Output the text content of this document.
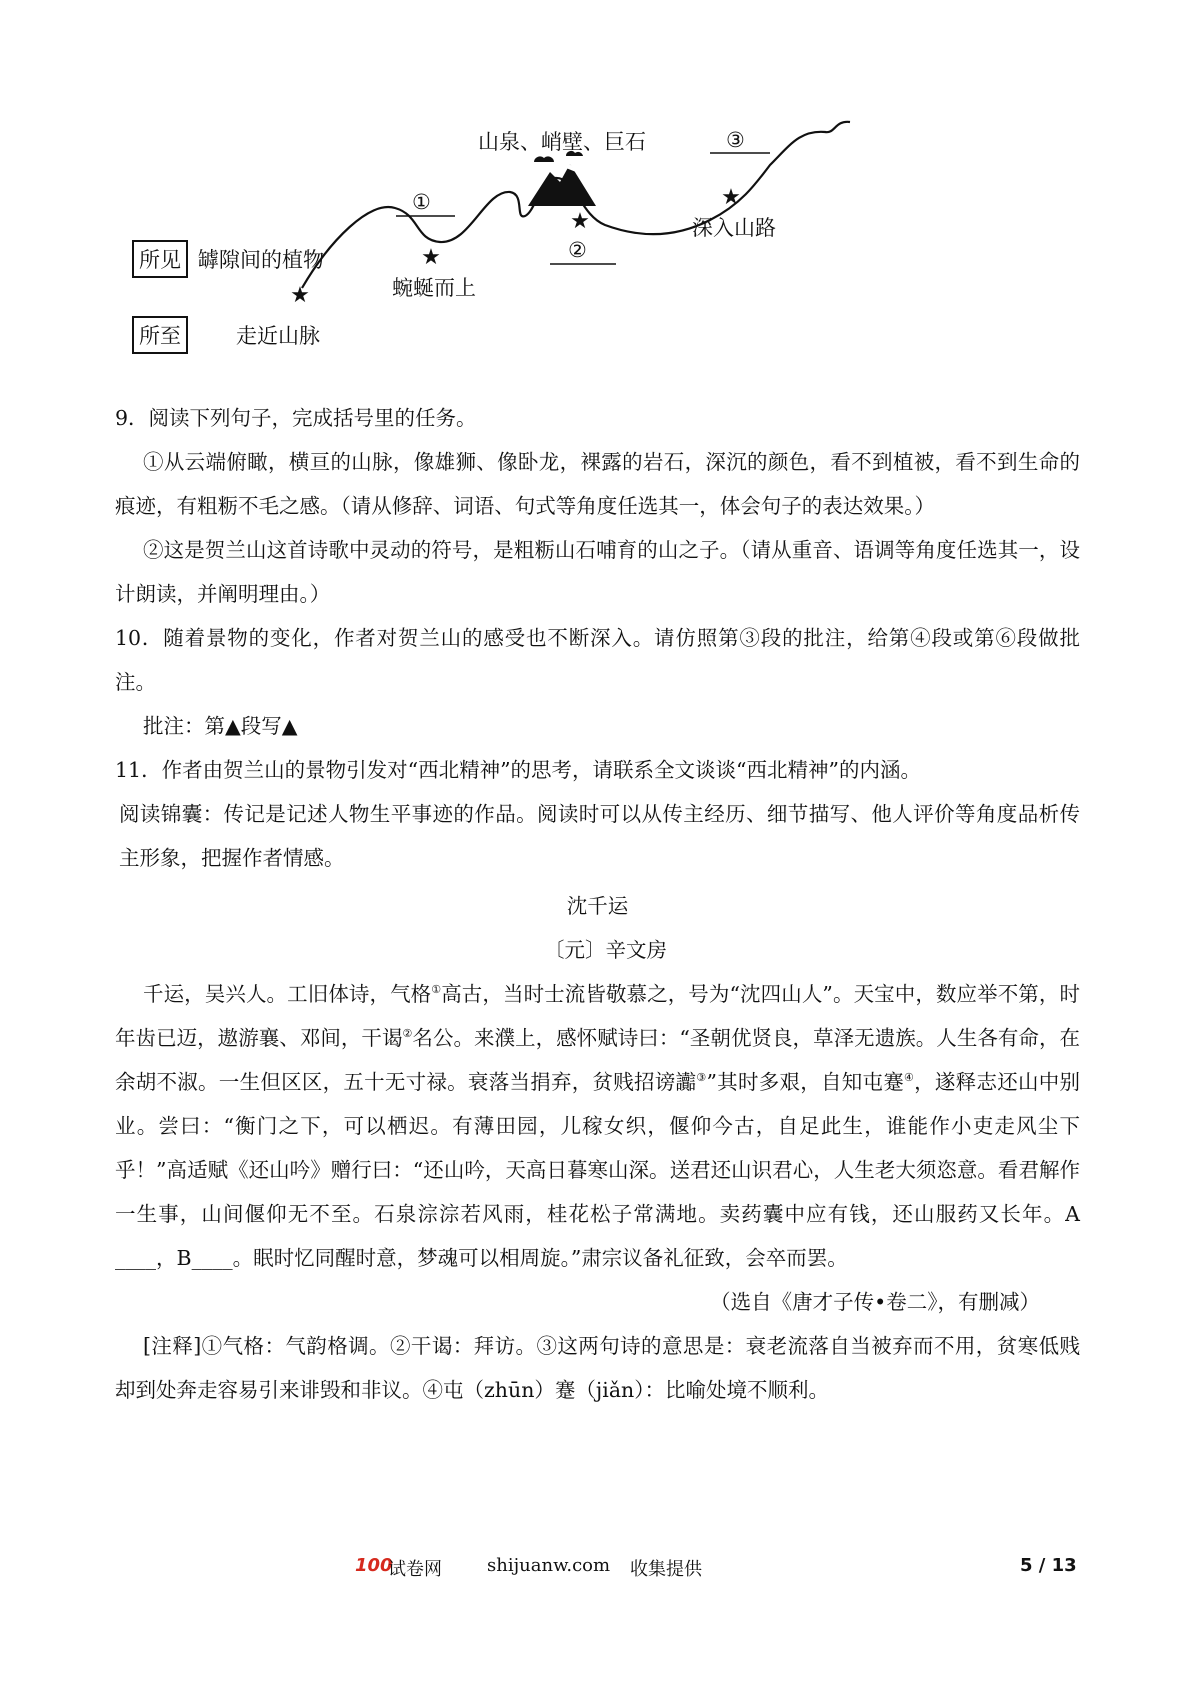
★
★
★
★
所见
所至
罅隙间的植物
走近山脉
①
蜿蜒而上
山泉、峭壁、巨石
②
③
深入山路

9．阅读下列句子，完成括号里的任务。

①从云端俯瞰，横亘的山脉，像雄狮、像卧龙，裸露的岩石，深沉的颜色，看不到植被，看不到生命的痕迹，有粗粝不毛之感。（请从修辞、词语、句式等角度任选其一，体会句子的表达效果。）

②这是贺兰山这首诗歌中灵动的符号，是粗粝山石哺育的山之子。（请从重音、语调等角度任选其一，设计朗读，并阐明理由。）

10．随着景物的变化，作者对贺兰山的感受也不断深入。请仿照第③段的批注，给第④段或第⑥段做批注。

批注：第▲段写▲

11．作者由贺兰山的景物引发对“西北精神”的思考，请联系全文谈谈“西北精神”的内涵。

阅读锦囊：传记是记述人物生平事迹的作品。阅读时可以从传主经历、细节描写、他人评价等角度品析传主形象，把握作者情感。

沈千运

〔元〕辛文房

千运，吴兴人。工旧体诗，气格①高古，当时士流皆敬慕之，号为“沈四山人”。天宝中，数应举不第，时年齿已迈，遨游襄、邓间，干谒②名公。来濮上，感怀赋诗曰：“圣朝优贤良，草泽无遗族。人生各有命，在余胡不淑。一生但区区，五十无寸禄。衰落当捐弃，贫贱招谤讟③”其时多艰，自知屯蹇④，遂释志还山中别业。尝曰：“衡门之下，可以栖迟。有薄田园，儿稼女织，偃仰今古，自足此生，谁能作小吏走风尘下乎！”高适赋《还山吟》赠行曰：“还山吟，天高日暮寒山深。送君还山识君心，人生老大须恣意。看君解作一生事，山间偃仰无不至。石泉淙淙若风雨，桂花松子常满地。卖药囊中应有钱，还山服药又长年。A ____，B____。眠时忆同醒时意，梦魂可以相周旋。”肃宗议备礼征致，会卒而罢。

（选自《唐才子传•卷二》，有删减）

[注释]①气格：气韵格调。②干谒：拜访。③这两句诗的意思是：衰老流落自当被弃而不用，贫寒低贱却到处奔走容易引来诽毁和非议。④屯（zhūn）蹇（jiǎn）：比喻处境不顺利。

100
试卷网	shijuanw.com 收集提供	5 / 13
